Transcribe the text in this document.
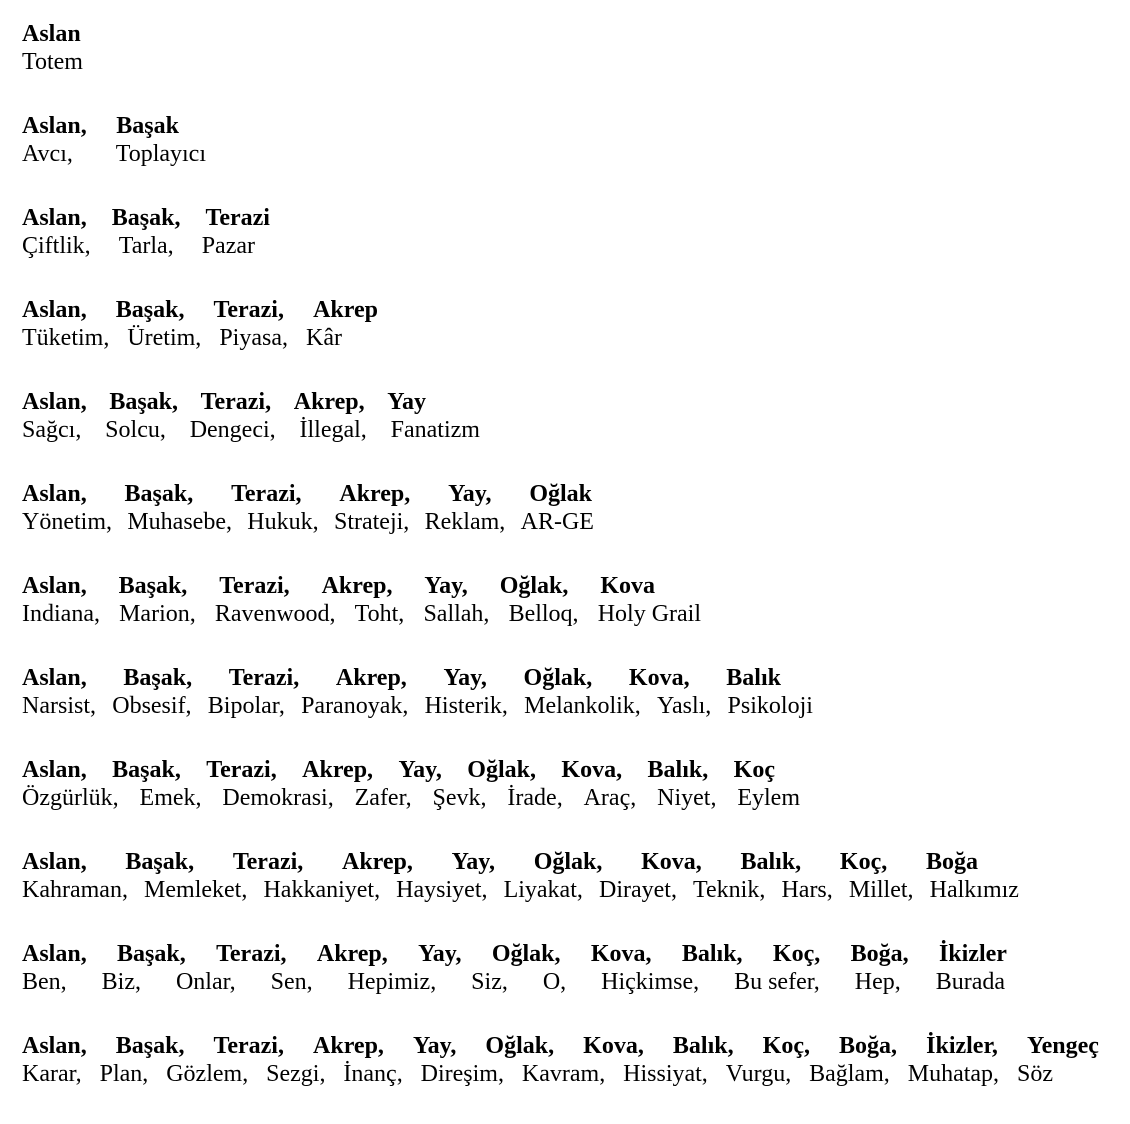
Aslan
Totem
Aslan, Başak
Avcı, Toplayıcı
Aslan, Başak, Terazi
Çiftlik, Tarla, Pazar
Aslan, Başak, Terazi, Akrep
Tüketim, Üretim, Piyasa, Kâr
Aslan, Başak, Terazi, Akrep, Yay
Sağcı, Solcu, Dengeci, İllegal, Fanatizm
Aslan, Başak, Terazi, Akrep, Yay, Oğlak
Yönetim, Muhasebe, Hukuk, Strateji, Reklam, AR-GE
Aslan, Başak, Terazi, Akrep, Yay, Oğlak, Kova
Indiana, Marion, Ravenwood, Toht, Sallah, Belloq, Holy Grail
Aslan, Başak, Terazi, Akrep, Yay, Oğlak, Kova, Balık
Narsist, Obsesif, Bipolar, Paranoyak, Histerik, Melankolik, Yaslı, Psikoloji
Aslan, Başak, Terazi, Akrep, Yay, Oğlak, Kova, Balık, Koç
Özgürlük, Emek, Demokrasi, Zafer, Şevk, İrade, Araç, Niyet, Eylem
Aslan, Başak, Terazi, Akrep, Yay, Oğlak, Kova, Balık, Koç, Boğa
Kahraman, Memleket, Hakkaniyet, Haysiyet, Liyakat, Dirayet, Teknik, Hars, Millet, Halkımız
Aslan, Başak, Terazi, Akrep, Yay, Oğlak, Kova, Balık, Koç, Boğa, İkizler
Ben, Biz, Onlar, Sen, Hepimiz, Siz, O, Hiçkimse, Bu sefer, Hep, Burada
Aslan, Başak, Terazi, Akrep, Yay, Oğlak, Kova, Balık, Koç, Boğa, İkizler, Yengeç
Karar, Plan, Gözlem, Sezgi, İnanç, Direşim, Kavram, Hissiyat, Vurgu, Bağlam, Muhatap, Söz
